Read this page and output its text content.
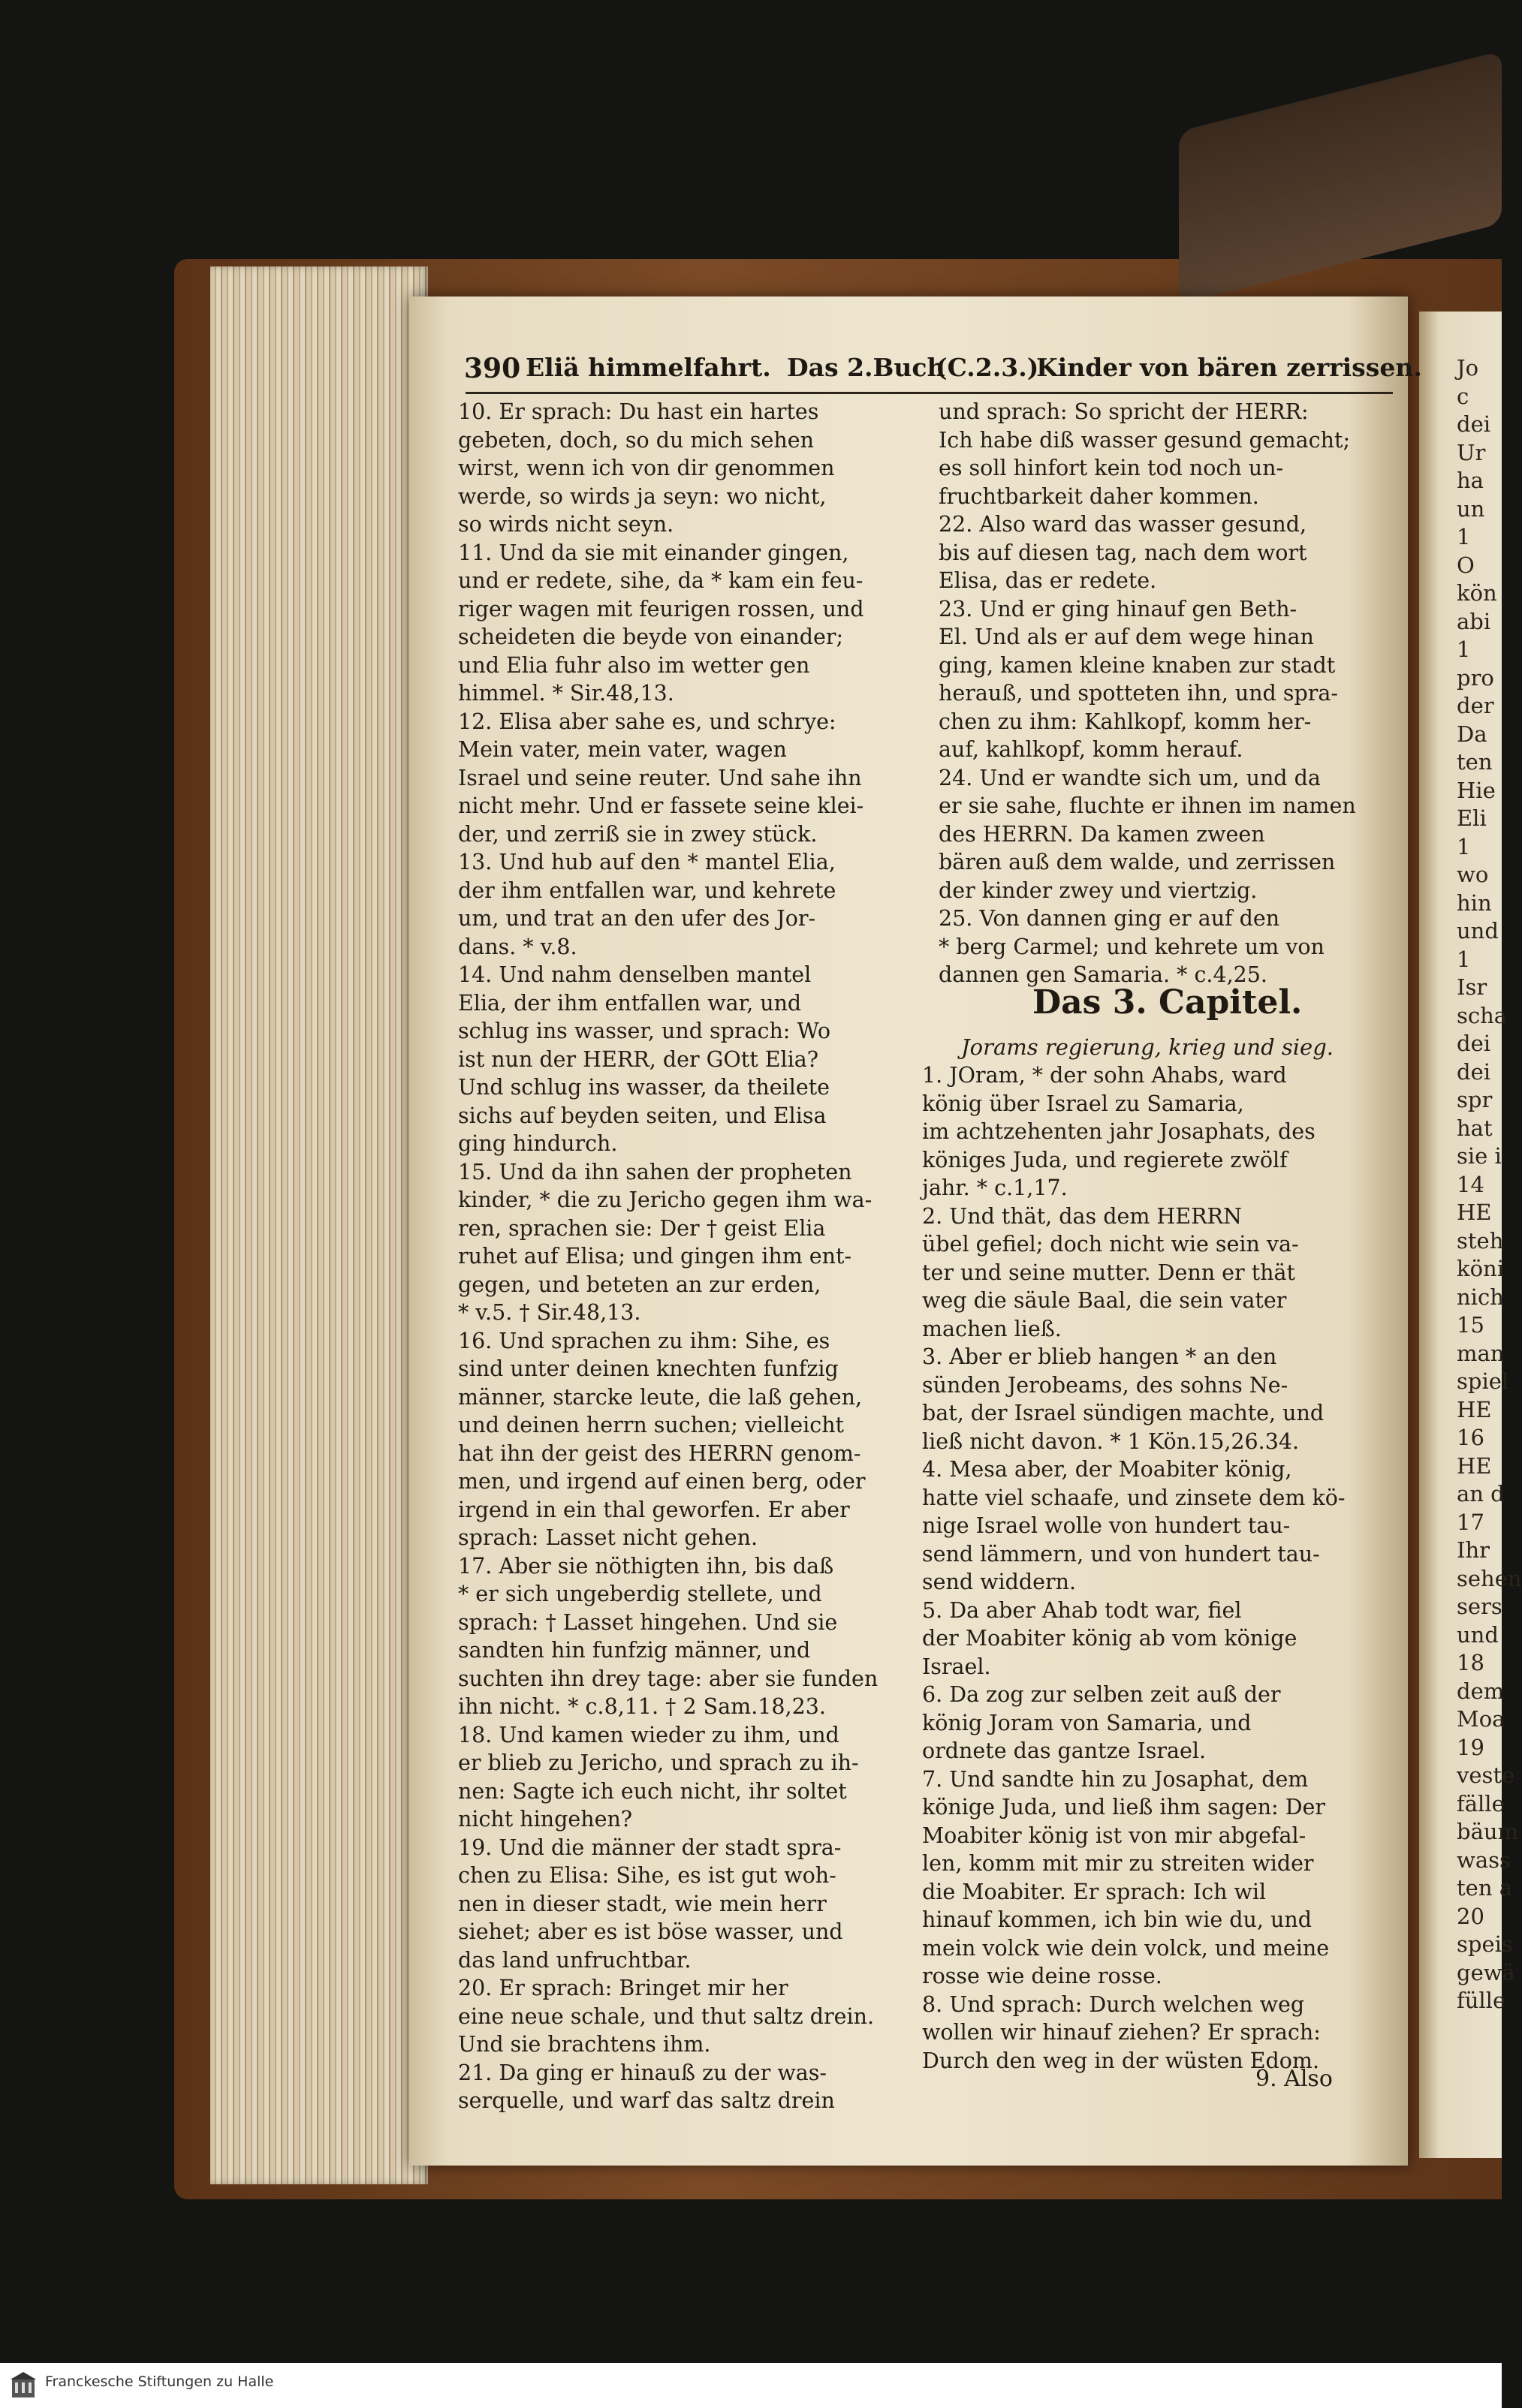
390 Eliä himmelfahrt. Das 2.Buch
(C.2.3.)
Kinder von bären zerrissen.
10. Er sprach: Du hast ein hartes
gebeten, doch, so du mich sehen
wirst, wenn ich von dir genommen
werde, so wirds ja seyn: wo nicht,
so wirds nicht seyn.
11. Und da sie mit einander gingen,
und er redete, sihe, da * kam ein feu-
riger wagen mit feurigen rossen, und
scheideten die beyde von einander;
und Elia fuhr also im wetter gen
himmel. * Sir.48,13.
12. Elisa aber sahe es, und schrye:
Mein vater, mein vater, wagen
Israel und seine reuter. Und sahe ihn
nicht mehr. Und er fassete seine klei-
der, und zerriß sie in zwey stück.
13. Und hub auf den * mantel Elia,
der ihm entfallen war, und kehrete
um, und trat an den ufer des Jor-
dans. * v.8.
14. Und nahm denselben mantel
Elia, der ihm entfallen war, und
schlug ins wasser, und sprach: Wo
ist nun der HERR, der GOtt Elia?
Und schlug ins wasser, da theilete
sichs auf beyden seiten, und Elisa
ging hindurch.
15. Und da ihn sahen der propheten
kinder, * die zu Jericho gegen ihm wa-
ren, sprachen sie: Der † geist Elia
ruhet auf Elisa; und gingen ihm ent-
gegen, und beteten an zur erden,
* v.5. † Sir.48,13.
16. Und sprachen zu ihm: Sihe, es
sind unter deinen knechten funfzig
männer, starcke leute, die laß gehen,
und deinen herrn suchen; vielleicht
hat ihn der geist des HERRN genom-
men, und irgend auf einen berg, oder
irgend in ein thal geworfen. Er aber
sprach: Lasset nicht gehen.
17. Aber sie nöthigten ihn, bis daß
* er sich ungeberdig stellete, und
sprach: † Lasset hingehen. Und sie
sandten hin funfzig männer, und
suchten ihn drey tage: aber sie funden
ihn nicht. * c.8,11. † 2 Sam.18,23.
18. Und kamen wieder zu ihm, und
er blieb zu Jericho, und sprach zu ih-
nen: Sagte ich euch nicht, ihr soltet
nicht hingehen?
19. Und die männer der stadt spra-
chen zu Elisa: Sihe, es ist gut woh-
nen in dieser stadt, wie mein herr
siehet; aber es ist böse wasser, und
das land unfruchtbar.
20. Er sprach: Bringet mir her
eine neue schale, und thut saltz drein.
Und sie brachtens ihm.
21. Da ging er hinauß zu der was-
serquelle, und warf das saltz drein
und sprach: So spricht der HERR:
Ich habe diß wasser gesund gemacht;
es soll hinfort kein tod noch un-
fruchtbarkeit daher kommen.
22. Also ward das wasser gesund,
bis auf diesen tag, nach dem wort
Elisa, das er redete.
23. Und er ging hinauf gen Beth-
El. Und als er auf dem wege hinan
ging, kamen kleine knaben zur stadt
herauß, und spotteten ihn, und spra-
chen zu ihm: Kahlkopf, komm her-
auf, kahlkopf, komm herauf.
24. Und er wandte sich um, und da
er sie sahe, fluchte er ihnen im namen
des HERRN. Da kamen zween
bären auß dem walde, und zerrissen
der kinder zwey und viertzig.
25. Von dannen ging er auf den
* berg Carmel; und kehrete um von
dannen gen Samaria. * c.4,25.
Das 3. Capitel.
Jorams regierung, krieg und sieg.
1. JOram, * der sohn Ahabs, ward
könig über Israel zu Samaria,
im achtzehenten jahr Josaphats, des
königes Juda, und regierete zwölf
jahr. * c.1,17.
2. Und thät, das dem HERRN
übel gefiel; doch nicht wie sein va-
ter und seine mutter. Denn er thät
weg die säule Baal, die sein vater
machen ließ.
3. Aber er blieb hangen * an den
sünden Jerobeams, des sohns Ne-
bat, der Israel sündigen machte, und
ließ nicht davon. * 1 Kön.15,26.34.
4. Mesa aber, der Moabiter könig,
hatte viel schaafe, und zinsete dem kö-
nige Israel wolle von hundert tau-
send lämmern, und von hundert tau-
send widdern.
5. Da aber Ahab todt war, fiel
der Moabiter könig ab vom könige
Israel.
6. Da zog zur selben zeit auß der
könig Joram von Samaria, und
ordnete das gantze Israel.
7. Und sandte hin zu Josaphat, dem
könige Juda, und ließ ihm sagen: Der
Moabiter könig ist von mir abgefal-
len, komm mit mir zu streiten wider
die Moabiter. Er sprach: Ich wil
hinauf kommen, ich bin wie du, und
mein volck wie dein volck, und meine
rosse wie deine rosse.
8. Und sprach: Durch welchen weg
wollen wir hinauf ziehen? Er sprach:
Durch den weg in der wüsten Edom.
9. Also
Jo
c
dei
Ur
ha
un
1
O
kön
abi
1
pro
der
Da
ten
Hie
Eli
1
wo
hin
und
1
Isr
scha
dei
dei
spr
hat
sie i
14
HE
steh
köni
nich
15
man
spiel
HE
16
HE
an d
17
Ihr
sehen
sers
und
18
dem
Moa
19
veste
fälle
bäum
wass
ten a
20
speis
gewä
fülle
Franckesche Stiftungen zu Halle
